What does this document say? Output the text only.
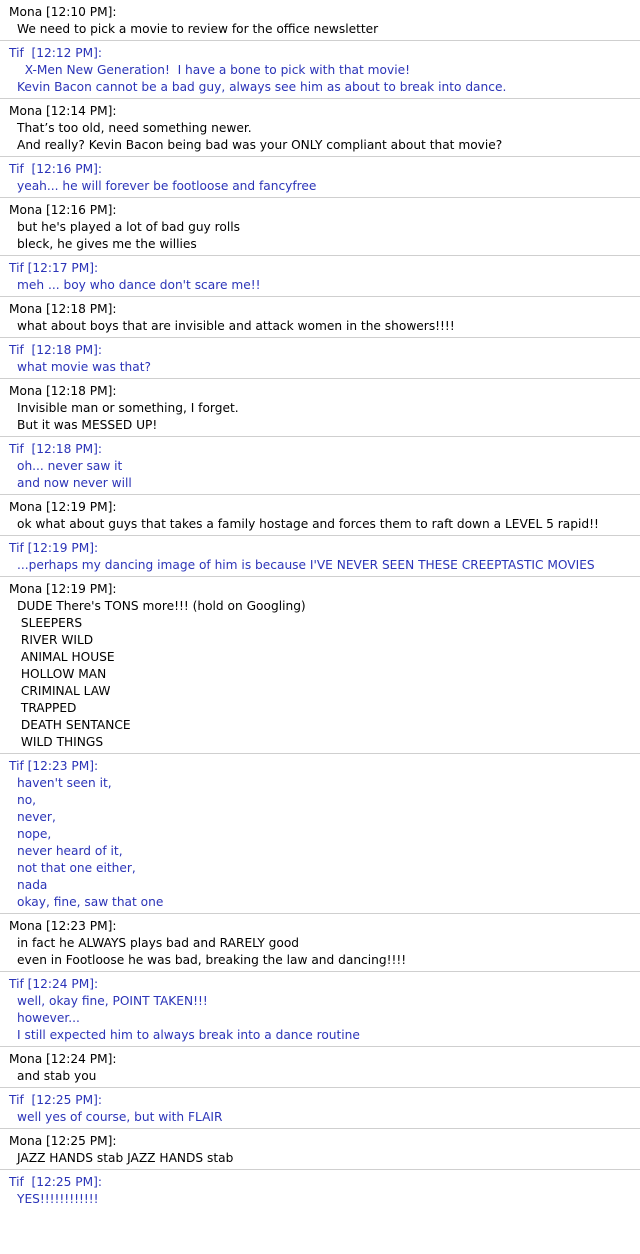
Mona [12:10 PM]:
We need to pick a movie to review for the office newsletter
Tif  [12:12 PM]:
X-Men New Generation!  I have a bone to pick with that movie!
Kevin Bacon cannot be a bad guy, always see him as about to break into dance.
Mona [12:14 PM]:
That’s too old, need something newer.
And really? Kevin Bacon being bad was your ONLY compliant about that movie?
Tif  [12:16 PM]:
yeah... he will forever be footloose and fancyfree
Mona [12:16 PM]:
but he's played a lot of bad guy rolls
bleck, he gives me the willies
Tif [12:17 PM]:
meh ... boy who dance don't scare me!!
Mona [12:18 PM]:
what about boys that are invisible and attack women in the showers!!!!
Tif  [12:18 PM]:
what movie was that?
Mona [12:18 PM]:
Invisible man or something, I forget.
But it was MESSED UP!
Tif  [12:18 PM]:
oh... never saw it
and now never will
Mona [12:19 PM]:
ok what about guys that takes a family hostage and forces them to raft down a LEVEL 5 rapid!!
Tif [12:19 PM]:
...perhaps my dancing image of him is because I'VE NEVER SEEN THESE CREEPTASTIC MOVIES
Mona [12:19 PM]:
DUDE There's TONS more!!! (hold on Googling)
SLEEPERS
RIVER WILD
ANIMAL HOUSE
HOLLOW MAN
CRIMINAL LAW
TRAPPED
DEATH SENTANCE
WILD THINGS
Tif [12:23 PM]:
haven't seen it,
no,
never,
nope,
never heard of it,
not that one either,
nada
okay, fine, saw that one
Mona [12:23 PM]:
in fact he ALWAYS plays bad and RARELY good
even in Footloose he was bad, breaking the law and dancing!!!!
Tif [12:24 PM]:
well, okay fine, POINT TAKEN!!!
however...
I still expected him to always break into a dance routine
Mona [12:24 PM]:
and stab you
Tif  [12:25 PM]:
well yes of course, but with FLAIR
Mona [12:25 PM]:
JAZZ HANDS stab JAZZ HANDS stab
Tif  [12:25 PM]:
YES!!!!!!!!!!!!
